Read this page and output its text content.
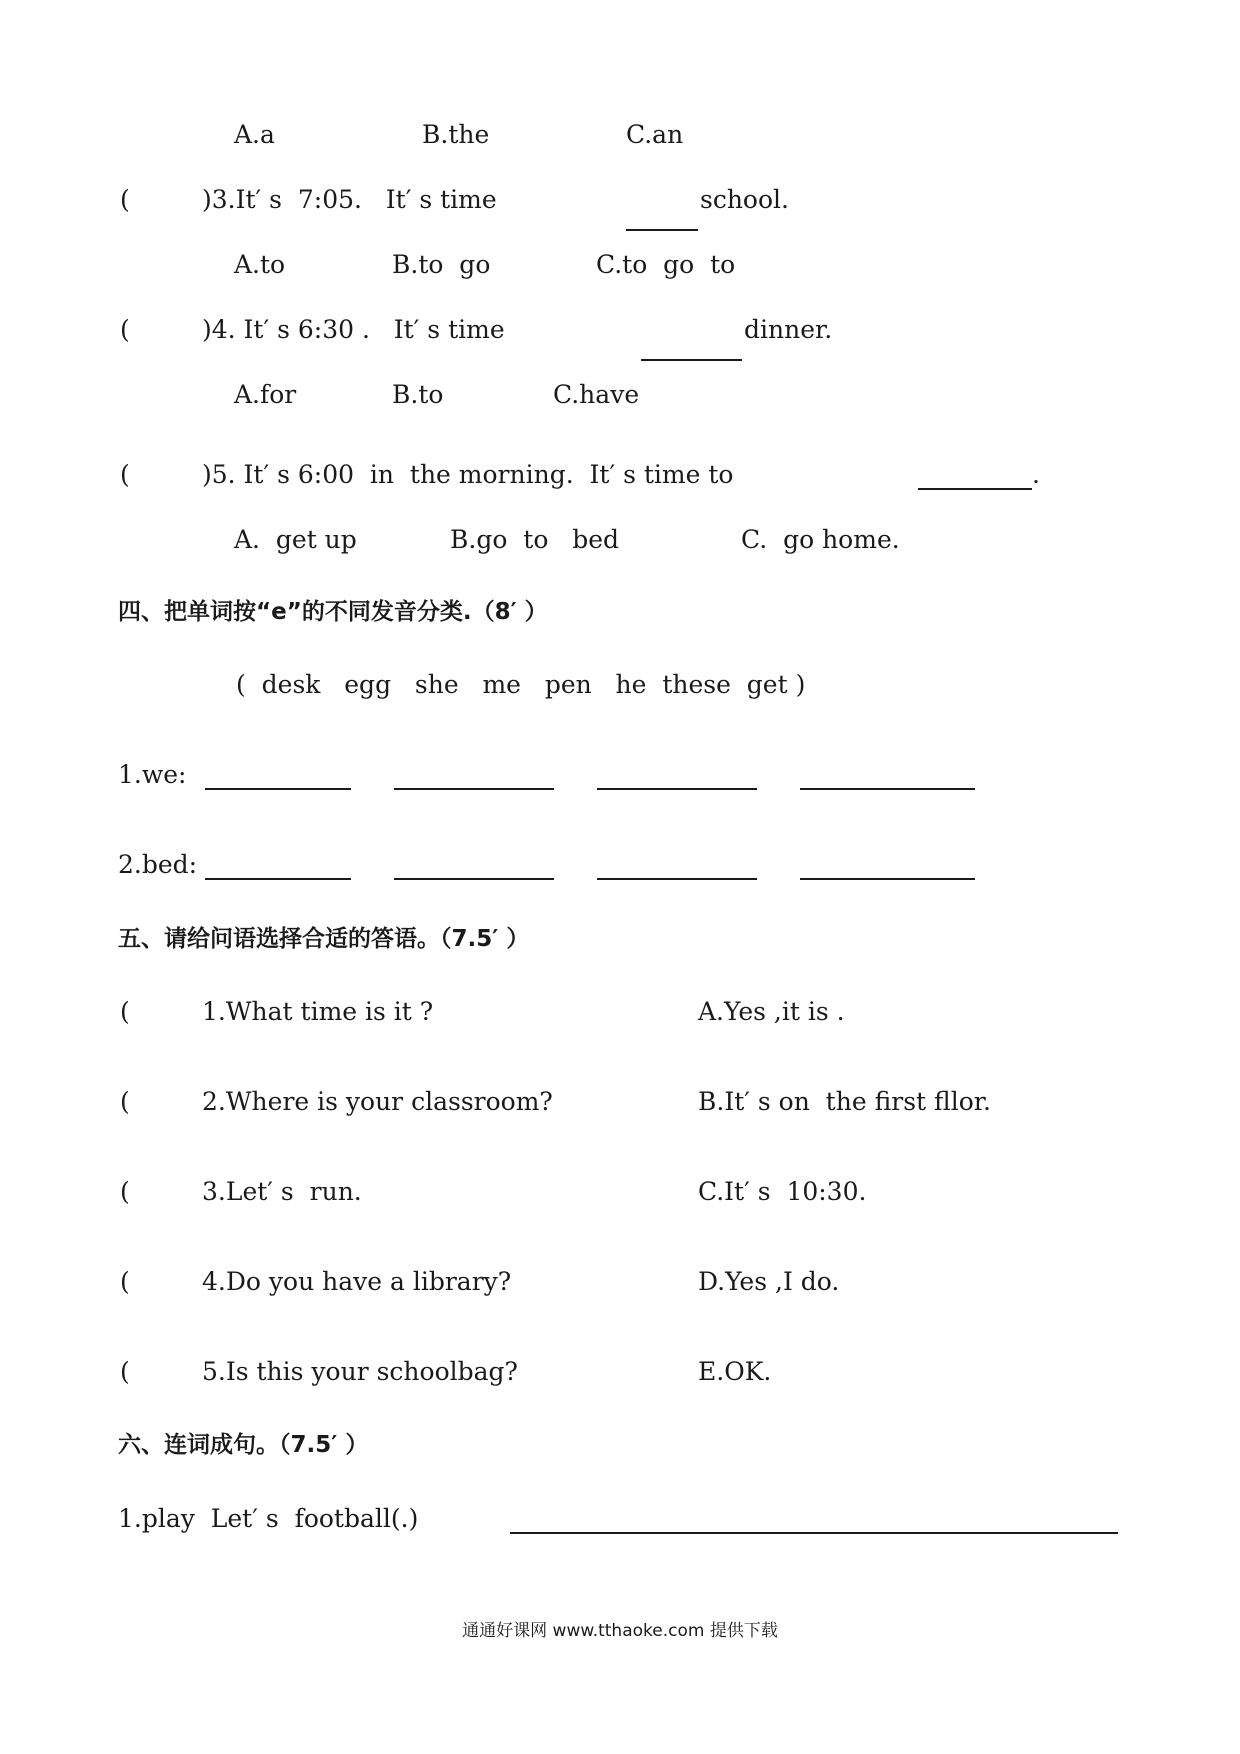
A.a	B.the	C.an
(	)3.It′ s  7:05.   It′ s time	school.
A.to	B.to  go	C.to  go  to
(	)4. It′ s 6:30 .   It′ s time	dinner.
A.for	B.to	C.have
(	)5. It′ s 6:00  in  the morning.  It′ s time to	.
A.  get up	B.go  to   bed	C.  go home.
四、把单词按“e”的不同发音分类.（8′ ）
(  desk   egg   she   me   pen   he  these  get )
1.we:
2.bed:
五、请给问语选择合适的答语。（7.5′ ）
(	1.What time is it ?	A.Yes ,it is .
(	2.Where is your classroom?	B.It′ s on  the first fllor.
(	3.Let′ s  run.	C.It′ s  10:30.
(	4.Do you have a library?	D.Yes ,I do.
(	5.Is this your schoolbag?	E.OK.
六、连词成句。（7.5′ ）
1.play  Let′ s  football(.)
通通好课网 www.tthaoke.com 提供下载
